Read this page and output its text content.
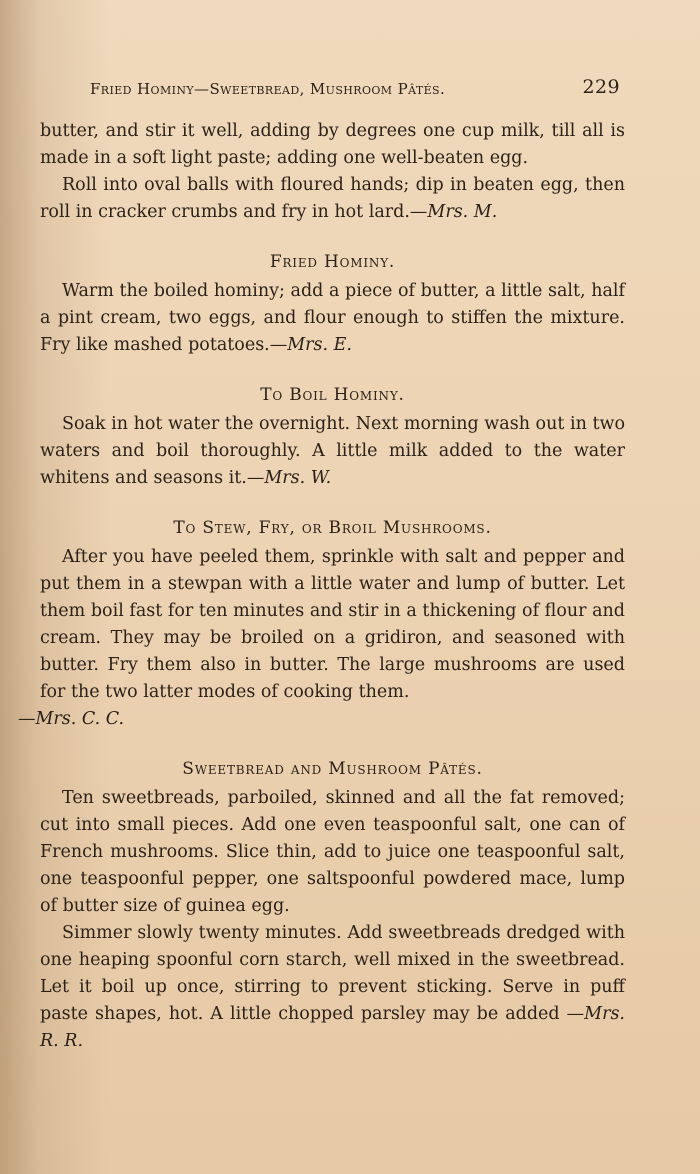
Fried Hominy—Sweetbread, Mushroom Pâtés.	229

butter, and stir it well, adding by degrees one cup milk, till all is made in a soft light paste; adding one well-beaten egg.

Roll into oval balls with floured hands; dip in beaten egg, then roll in cracker crumbs and fry in hot lard.—Mrs. M.

Fried Hominy.

Warm the boiled hominy; add a piece of butter, a little salt, half a pint cream, two eggs, and flour enough to stiffen the mixture. Fry like mashed potatoes.—Mrs. E.

To Boil Hominy.

Soak in hot water the overnight. Next morning wash out in two waters and boil thoroughly. A little milk added to the water whitens and seasons it.—Mrs. W.

To Stew, Fry, or Broil Mushrooms.

After you have peeled them, sprinkle with salt and pepper and put them in a stewpan with a little water and lump of butter. Let them boil fast for ten minutes and stir in a thickening of flour and cream. They may be broiled on a gridiron, and seasoned with butter. Fry them also in butter. The large mushrooms are used for the two latter modes of cooking them.
—Mrs. C. C.

Sweetbread and Mushroom Pâtés.

Ten sweetbreads, parboiled, skinned and all the fat removed; cut into small pieces. Add one even teaspoonful salt, one can of French mushrooms. Slice thin, add to juice one teaspoonful salt, one teaspoonful pepper, one saltspoonful powdered mace, lump of butter size of guinea egg.

Simmer slowly twenty minutes. Add sweetbreads dredged with one heaping spoonful corn starch, well mixed in the sweetbread. Let it boil up once, stirring to prevent sticking. Serve in puff paste shapes, hot. A little chopped parsley may be added —Mrs. R. R.
